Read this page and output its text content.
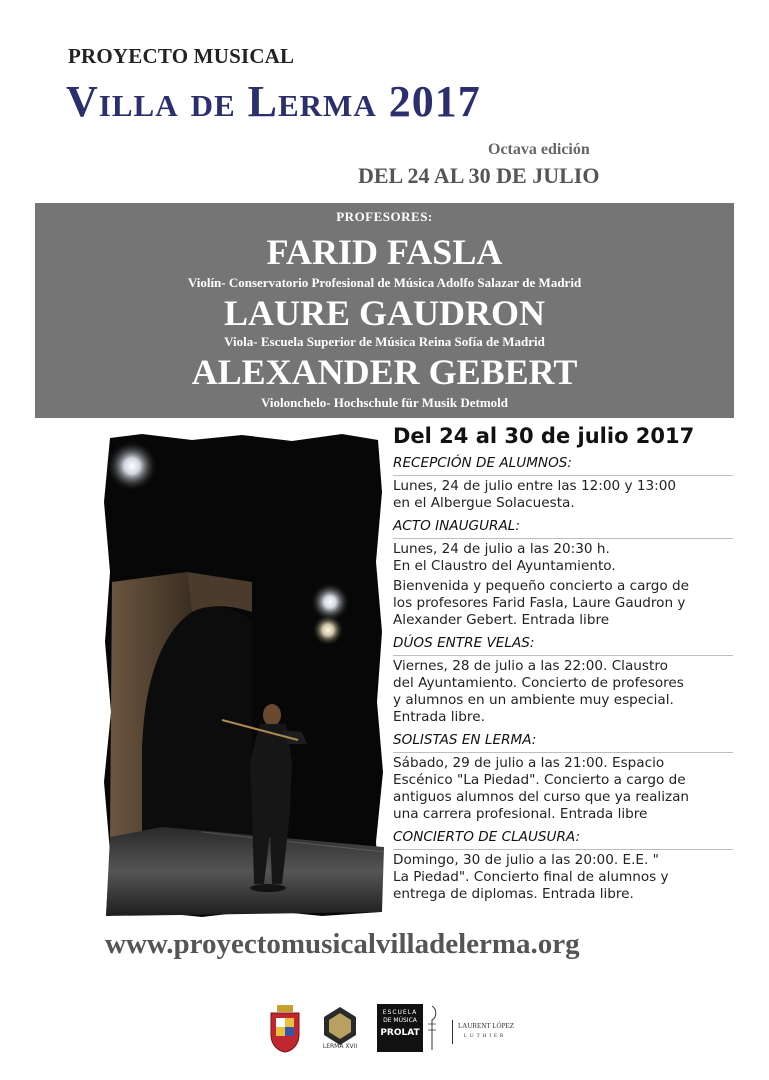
PROYECTO MUSICAL
Villa de Lerma 2017
Octava edición
DEL 24 AL 30 DE JULIO
PROFESORES:
FARID FASLA
Violín- Conservatorio Profesional de Música Adolfo Salazar de Madrid
LAURE GAUDRON
Viola- Escuela Superior de Música Reina Sofía de Madrid
ALEXANDER GEBERT
Violonchelo- Hochschule für Musik Detmold
Del 24 al 30 de julio 2017
RECEPCIÓN DE ALUMNOS:
Lunes, 24 de julio entre las 12:00 y 13:00
en el Albergue Solacuesta.
ACTO INAUGURAL:
Lunes, 24 de julio a las 20:30 h.
En el Claustro del Ayuntamiento.
Bienvenida y pequeño concierto a cargo de
los profesores Farid Fasla, Laure Gaudron y
Alexander Gebert. Entrada libre
DÚOS ENTRE VELAS:
Viernes, 28 de julio a las 22:00. Claustro
del Ayuntamiento. Concierto de profesores
y alumnos en un ambiente muy especial.
Entrada libre.
SOLISTAS EN LERMA:
Sábado, 29 de julio a las 21:00. Espacio
Escénico "La Piedad". Concierto a cargo de
antiguos alumnos del curso que ya realizan
una carrera profesional. Entrada libre
CONCIERTO DE CLAUSURA:
Domingo, 30 de julio a las 20:00. E.E. "
La Piedad". Concierto final de alumnos y
entrega de diplomas. Entrada libre.
www.proyectomusicalvilladelerma.org
LERMA XVII
ESCUELA
DE MÚSICA
PROLAT
LAURENT LÓPEZ
LUTHIER
